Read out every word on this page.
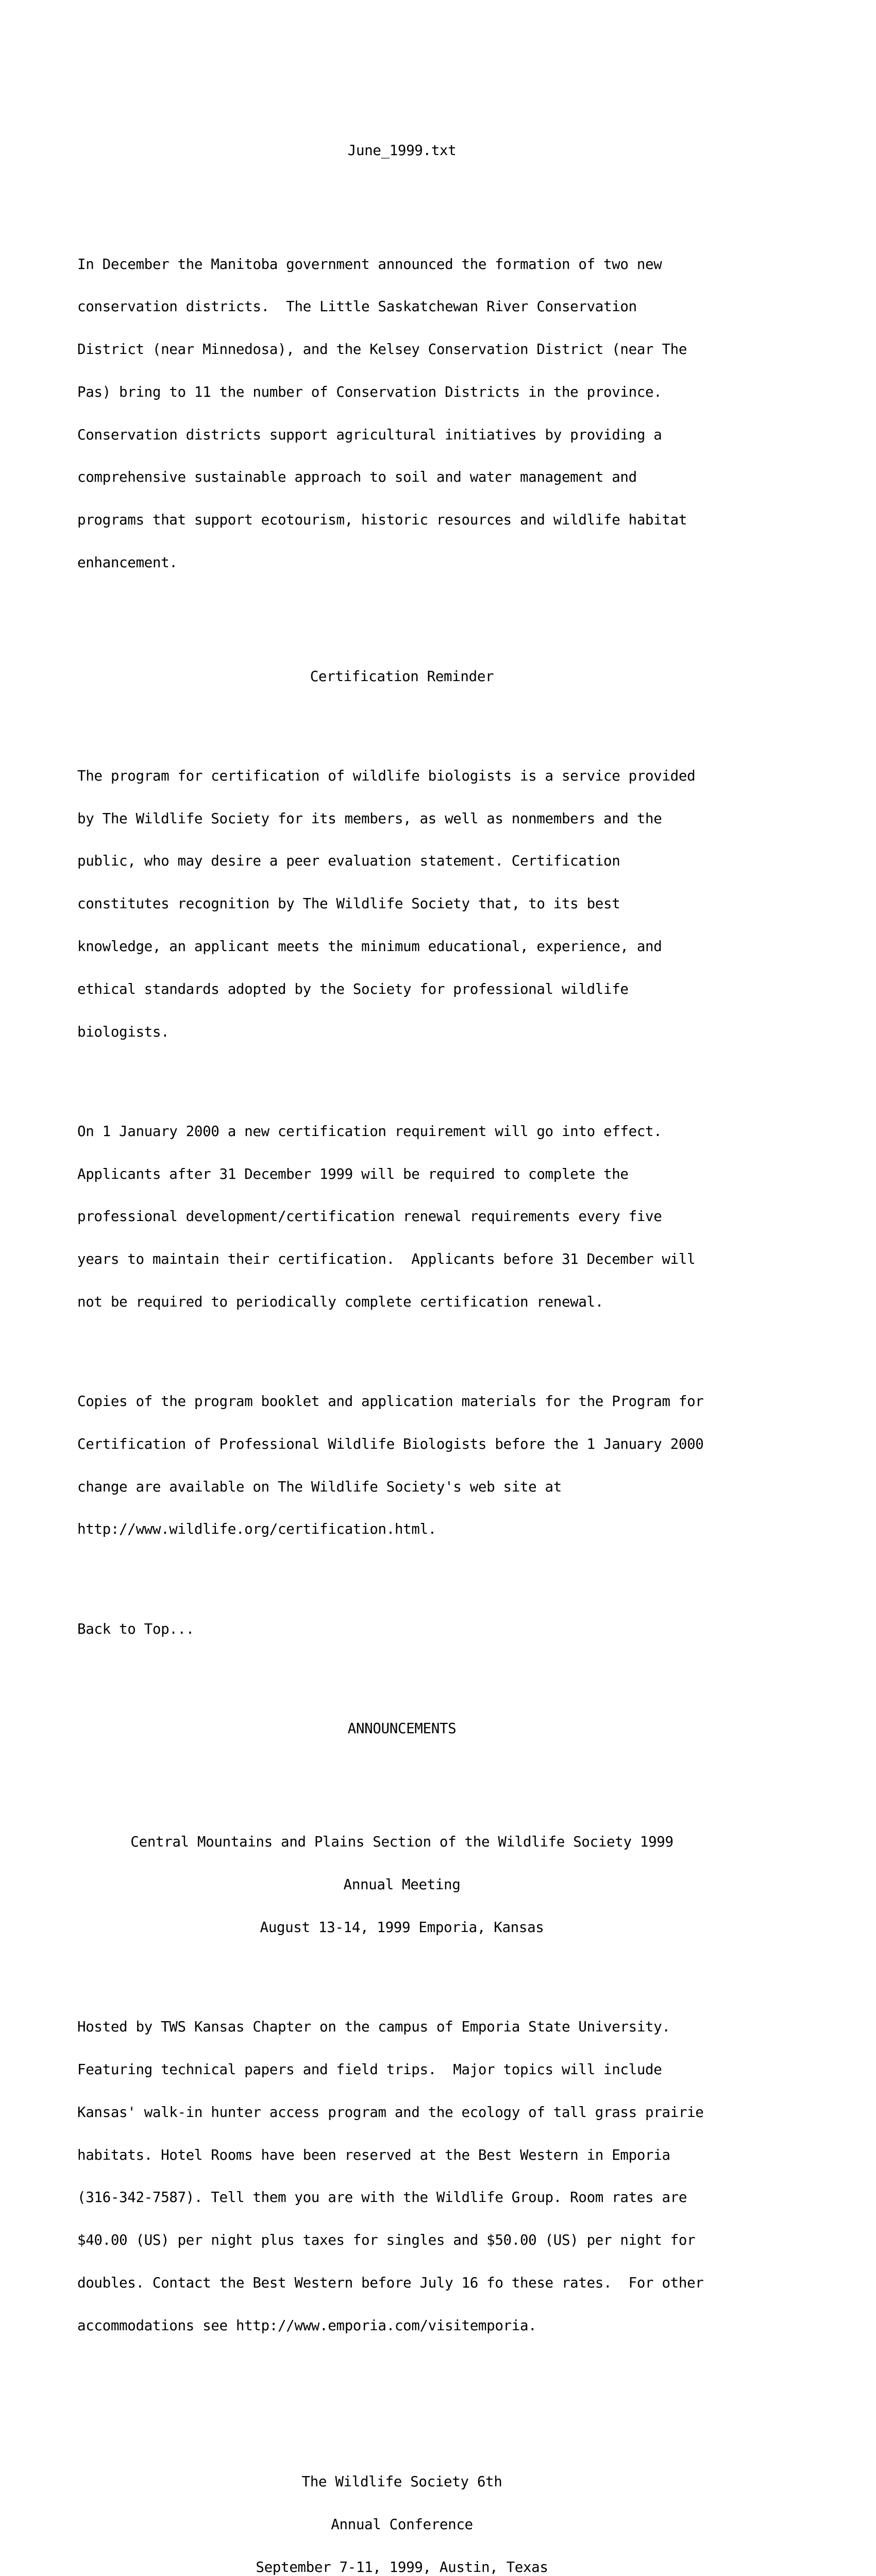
June_1999.txt

In December the Manitoba government announced the formation of two new

conservation districts.  The Little Saskatchewan River Conservation

District (near Minnedosa), and the Kelsey Conservation District (near The

Pas) bring to 11 the number of Conservation Districts in the province.

Conservation districts support agricultural initiatives by providing a

comprehensive sustainable approach to soil and water management and

programs that support ecotourism, historic resources and wildlife habitat

enhancement.

Certification Reminder

The program for certification of wildlife biologists is a service provided

by The Wildlife Society for its members, as well as nonmembers and the

public, who may desire a peer evaluation statement. Certification

constitutes recognition by The Wildlife Society that, to its best

knowledge, an applicant meets the minimum educational, experience, and

ethical standards adopted by the Society for professional wildlife

biologists.

On 1 January 2000 a new certification requirement will go into effect.

Applicants after 31 December 1999 will be required to complete the

professional development/certification renewal requirements every five

years to maintain their certification.  Applicants before 31 December will

not be required to periodically complete certification renewal.

Copies of the program booklet and application materials for the Program for

Certification of Professional Wildlife Biologists before the 1 January 2000

change are available on The Wildlife Society's web site at

http://www.wildlife.org/certification.html.

Back to Top...

ANNOUNCEMENTS

Central Mountains and Plains Section of the Wildlife Society 1999

Annual Meeting

August 13-14, 1999 Emporia, Kansas

Hosted by TWS Kansas Chapter on the campus of Emporia State University.

Featuring technical papers and field trips.  Major topics will include

Kansas' walk-in hunter access program and the ecology of tall grass prairie

habitats. Hotel Rooms have been reserved at the Best Western in Emporia

(316-342-7587). Tell them you are with the Wildlife Group. Room rates are

$40.00 (US) per night plus taxes for singles and $50.00 (US) per night for

doubles. Contact the Best Western before July 16 fo these rates.  For other

accommodations see http://www.emporia.com/visitemporia.

The Wildlife Society 6th

Annual Conference

September 7-11, 1999, Austin, Texas
